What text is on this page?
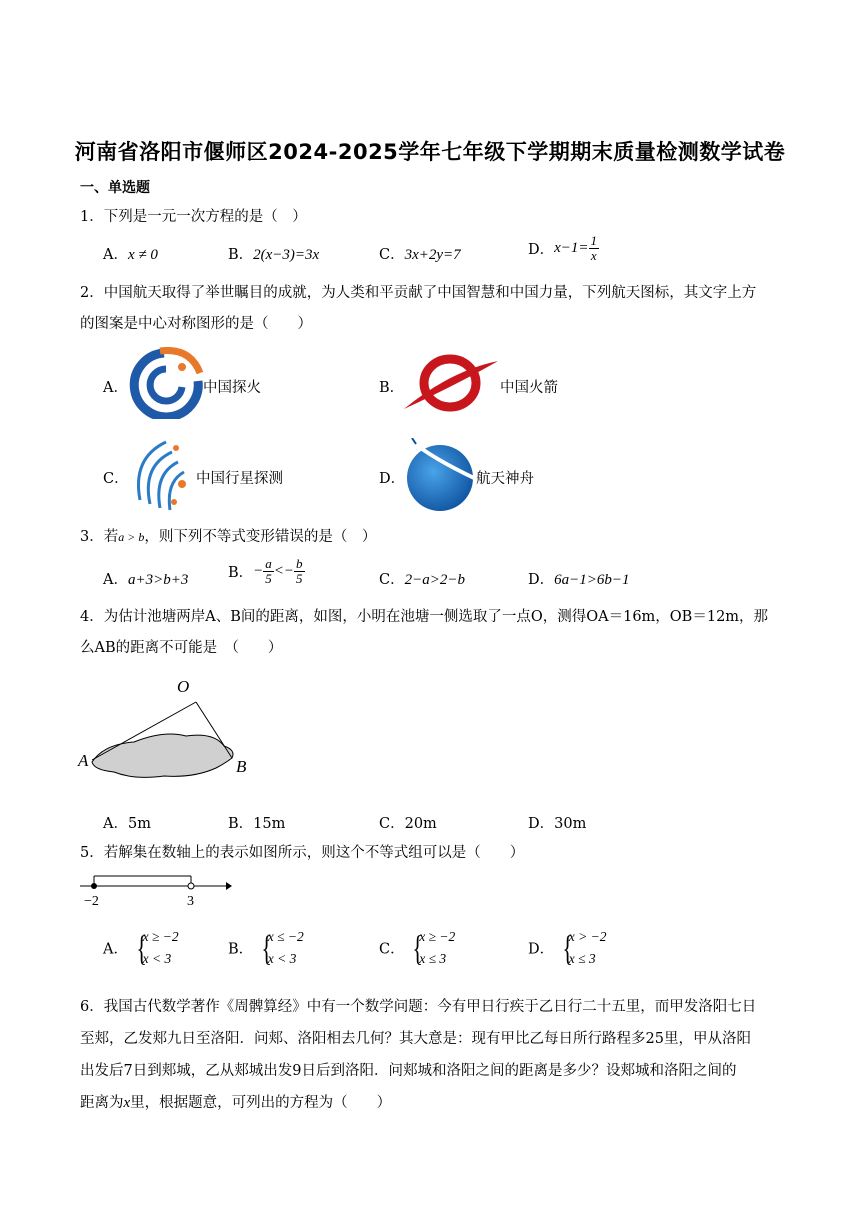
河南省洛阳市偃师区2024-2025学年七年级下学期期末质量检测数学试卷
一、单选题
1．下列是一元一次方程的是（　）
A．x ≠ 0	B．2(x−3)=3x	C．3x+2y=7	D．$x-1= \frac{1}{x}$
2．中国航天取得了举世瞩目的成就，为人类和平贡献了中国智慧和中国力量，下列航天图标，其文字上方
的图案是中心对称图形的是（　　）
A．	中国探火	B．	中国火箭
C．	中国行星探测	D．	航天神舟
3．若a > b，则下列不等式变形错误的是（　）
A．a+3>b+3	B．− $\frac{a}{5} <- \frac{b}{5}$	C．2−a>2−b	D．6a−1>6b−1
4．为估计池塘两岸A、B间的距离，如图，小明在池塘一侧选取了一点O，测得OA＝16m，OB＝12m，那
么AB的距离不可能是　（　　）
O
A	B
A．5m	B．15m	C．20m	D．30m
5．若解集在数轴上的表示如图所示，则这个不等式组可以是（　　）
−2	3
A． {
x ≥ −2
x < 3
B． {
x ≤ −2
x < 3
C． {
x ≥ −2
x ≤ 3
D． {
x > −2
x ≤ 3
6．我国古代数学著作《周髀算经》中有一个数学问题：今有甲日行疾于乙日行二十五里，而甲发洛阳七日
至郏，乙发郏九日至洛阳．问郏、洛阳相去几何？其大意是：现有甲比乙每日所行路程多25里，甲从洛阳
出发后7日到郏城，乙从郏城出发9日后到洛阳．问郏城和洛阳之间的距离是多少？设郏城和洛阳之间的
距离为x里，根据题意，可列出的方程为（　　）
